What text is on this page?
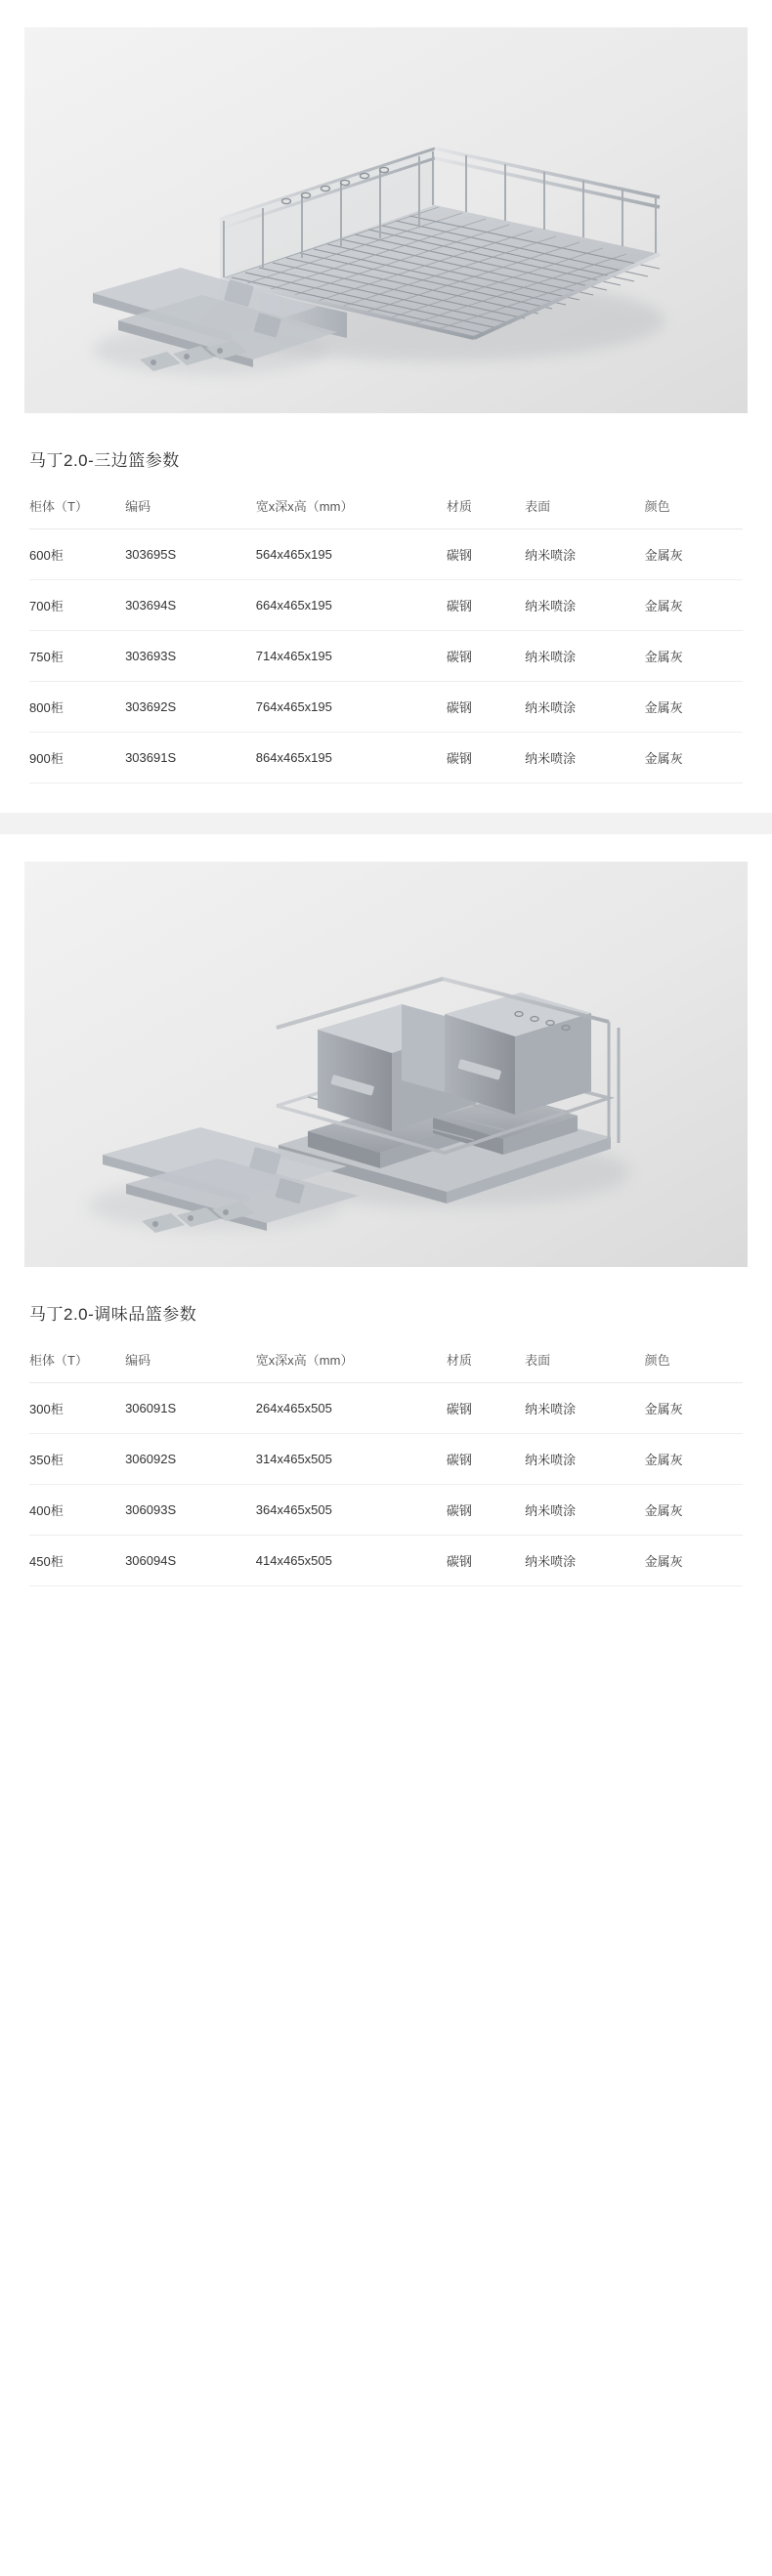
马丁2.0-三边篮参数
柜体（T）	编码	宽x深x高（mm）	材质	表面	颜色
600柜	303695S	564x465x195	碳钢	纳米喷涂	金属灰
700柜	303694S	664x465x195	碳钢	纳米喷涂	金属灰
750柜	303693S	714x465x195	碳钢	纳米喷涂	金属灰
800柜	303692S	764x465x195	碳钢	纳米喷涂	金属灰
900柜	303691S	864x465x195	碳钢	纳米喷涂	金属灰
马丁2.0-调味品篮参数
柜体（T）	编码	宽x深x高（mm）	材质	表面	颜色
300柜	306091S	264x465x505	碳钢	纳米喷涂	金属灰
350柜	306092S	314x465x505	碳钢	纳米喷涂	金属灰
400柜	306093S	364x465x505	碳钢	纳米喷涂	金属灰
450柜	306094S	414x465x505	碳钢	纳米喷涂	金属灰
